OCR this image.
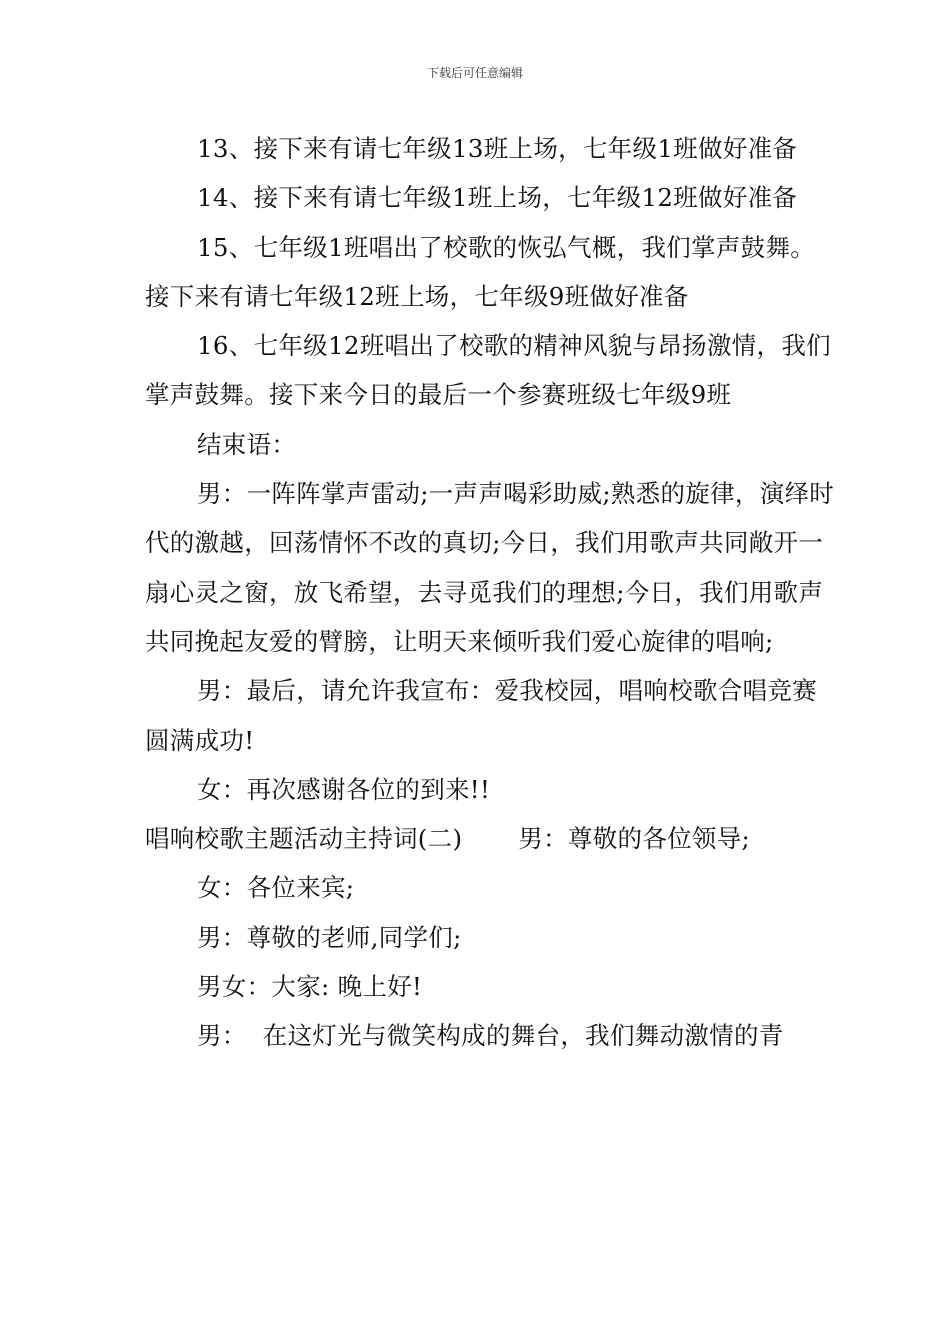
下载后可任意编辑

13、接下来有请七年级13班上场，七年级1班做好准备

14、接下来有请七年级1班上场，七年级12班做好准备

15、七年级1班唱出了校歌的恢弘气概，我们掌声鼓舞。接下来有请七年级12班上场，七年级9班做好准备

16、七年级12班唱出了校歌的精神风貌与昂扬激情，我们掌声鼓舞。接下来今日的最后一个参赛班级七年级9班

结束语：

男：一阵阵掌声雷动;一声声喝彩助威;熟悉的旋律，演绎时代的激越，回荡情怀不改的真切;今日，我们用歌声共同敞开一扇心灵之窗，放飞希望，去寻觅我们的理想;今日，我们用歌声共同挽起友爱的臂膀，让明天来倾听我们爱心旋律的唱响;

男：最后，请允许我宣布：爱我校园，唱响校歌合唱竞赛圆满成功!

女：再次感谢各位的到来!!

唱响校歌主题活动主持词(二) 男：尊敬的各位领导;

女：各位来宾;

男：尊敬的老师,同学们;

男女：大家: 晚上好!

男：  在这灯光与微笑构成的舞台，我们舞动激情的青
